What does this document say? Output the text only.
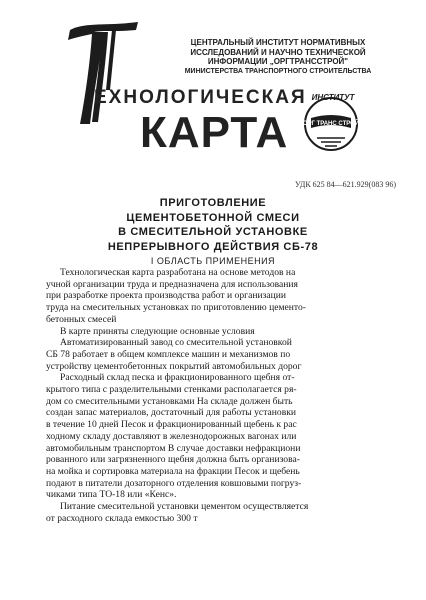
ЕХНОЛОГИЧЕСКАЯ
КАРТА
ЦЕНТРАЛЬНЫЙ ИНСТИТУТ НОРМАТИВНЫХ
ИССЛЕДОВАНИЙ И НАУЧНО ТЕХНИЧЕСКОЙ
ИНФОРМАЦИИ „ОРГТРАНССТРОЙ"
МИНИСТЕРСТВА ТРАНСПОРТНОГО СТРОИТЕЛЬСТВА
ОРГ ТРАНС СТРОЙ
ИНСТИТУТ
УДК 625 84—621.929(083 96)
ПРИГОТОВЛЕНИЕ
ЦЕМЕНТОБЕТОННОЙ СМЕСИ
В СМЕСИТЕЛЬНОЙ УСТАНОВКЕ
НЕПРЕРЫВНОГО ДЕЙСТВИЯ СБ-78
I ОБЛАСТЬ ПРИМЕНЕНИЯ
Технологическая карта разработана на основе методов на
учной организации труда и предназначена для использования
при разработке проекта производства работ и организации
труда на смесительных установках по приготовлению цементо-
бетонных смесей
В карте приняты следующие основные условия
Автоматизированный завод со смесительной установкой
СБ 78 работает в общем комплексе машин и механизмов по
устройству цементобетонных покрытий автомобильных дорог
Расходный склад песка и фракционированного щебня от-
крытого типа с разделительными стенками располагается ря-
дом со смесительными установками На складе должен быть
создан запас материалов, достаточный для работы установки
в течение 10 дней Песок и фракционированный щебень к рас
ходному складу доставляют в железнодорожных вагонах или
автомобильным транспортом В случае доставки нефракциони
рованного или загрязненного щебня должна быть организова-
на мойка и сортировка материала на фракции Песок и щебень
подают в питатели дозаторного отделения ковшовыми погруз-
чиками типа ТО-18 или «Кенс».
Питание смесительной установки цементом осуществляется
от расходного склада емкостью 300 т
